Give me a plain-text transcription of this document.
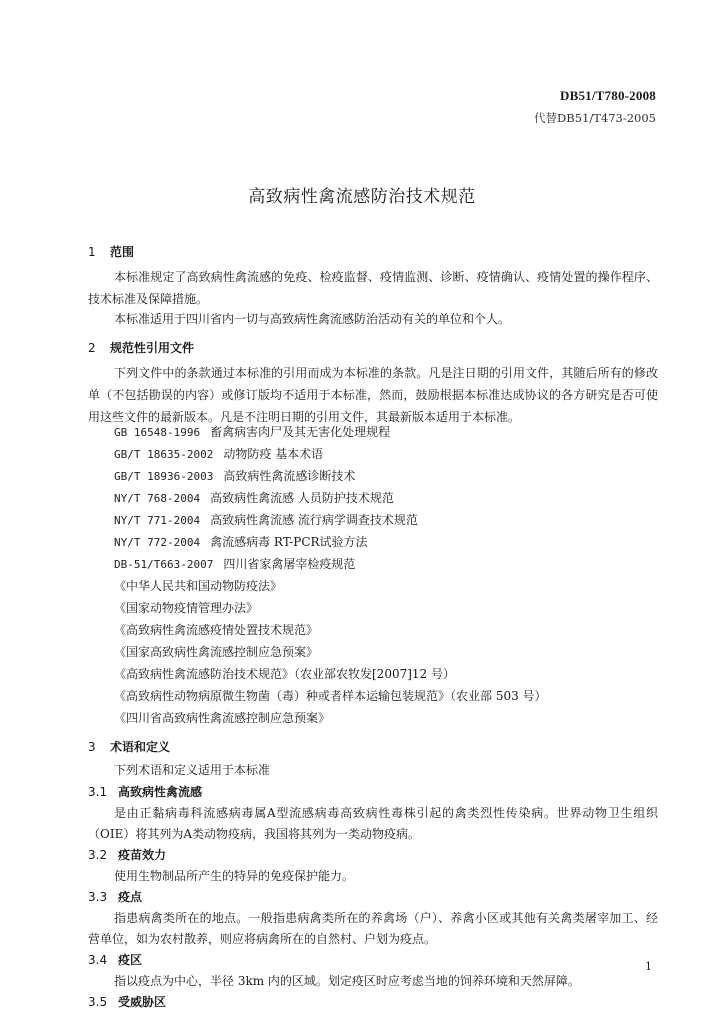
DB51/T780-2008
代替DB51/T473-2005
高致病性禽流感防治技术规范
1 范围
本标准规定了高致病性禽流感的免疫、检疫监督、疫情监测、诊断、疫情确认、疫情处置的操作程序、技术标准及保障措施。
本标准适用于四川省内一切与高致病性禽流感防治活动有关的单位和个人。
2 规范性引用文件
下列文件中的条款通过本标准的引用而成为本标准的条款。凡是注日期的引用文件，其随后所有的修改单（不包括勘误的内容）或修订版均不适用于本标准，然而，鼓励根据本标准达成协议的各方研究是否可使用这些文件的最新版本。凡是不注明日期的引用文件，其最新版本适用于本标准。
GB 16548-1996 畜禽病害肉尸及其无害化处理规程
GB/T 18635-2002 动物防疫 基本术语
GB/T 18936-2003 高致病性禽流感诊断技术
NY/T 768-2004 高致病性禽流感 人员防护技术规范
NY/T 771-2004 高致病性禽流感 流行病学调查技术规范
NY/T 772-2004 禽流感病毒 RT-PCR试验方法
DB-51/T663-2007 四川省家禽屠宰检疫规范
《中华人民共和国动物防疫法》
《国家动物疫情管理办法》
《高致病性禽流感疫情处置技术规范》
《国家高致病性禽流感控制应急预案》
《高致病性禽流感防治技术规范》（农业部农牧发[2007]12 号）
《高致病性动物病原微生物菌（毒）种或者样本运输包装规范》（农业部 503 号）
《四川省高致病性禽流感控制应急预案》
3 术语和定义
下列术语和定义适用于本标准
1
3.1 高致病性禽流感
是由正黏病毒科流感病毒属A型流感病毒高致病性毒株引起的禽类烈性传染病。世界动物卫生组织（OIE）将其列为A类动物疫病，我国将其列为一类动物疫病。
3.2 疫苗效力
使用生物制品所产生的特异的免疫保护能力。
3.3 疫点
指患病禽类所在的地点。一般指患病禽类所在的养禽场（户）、养禽小区或其他有关禽类屠宰加工、经营单位，如为农村散养，则应将病禽所在的自然村、户划为疫点。
3.4 疫区
指以疫点为中心，半径 3km 内的区域。划定疫区时应考虑当地的饲养环境和天然屏障。
3.5 受威胁区
